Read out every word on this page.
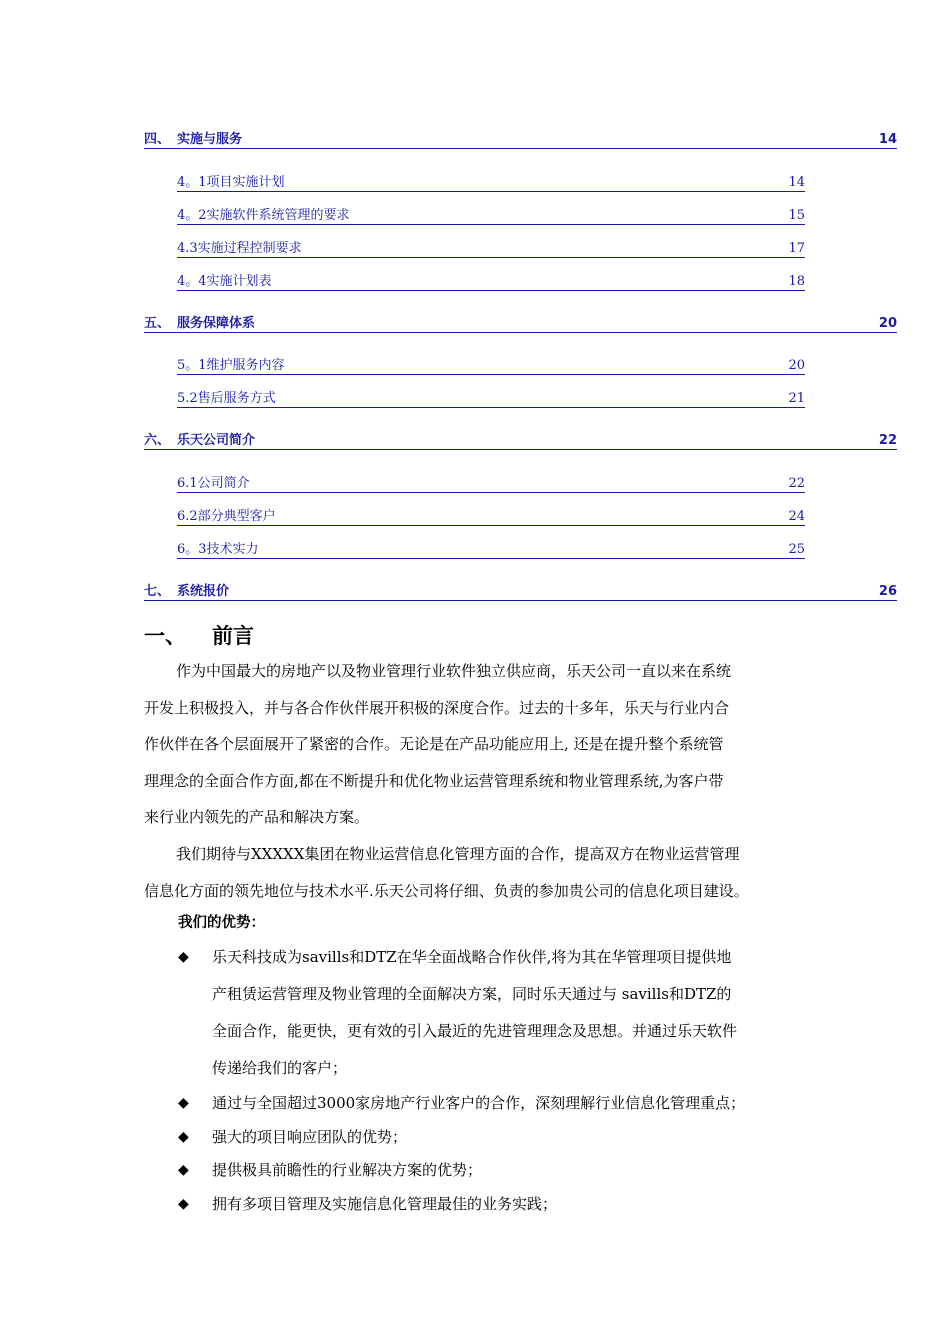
四、 实施与服务	14
4。1项目实施计划	14
4。2实施软件系统管理的要求	15
4.3实施过程控制要求	17
4。4实施计划表	18
五、 服务保障体系	20
5。1维护服务内容	20
5.2售后服务方式	21
六、 乐天公司简介	22
6.1公司简介	22
6.2部分典型客户	24
6。3技术实力	25
七、 系统报价	26
一、 前言
作为中国最大的房地产以及物业管理行业软件独立供应商，乐天公司一直以来在系统
开发上积极投入，并与各合作伙伴展开积极的深度合作。过去的十多年，乐天与行业内合
作伙伴在各个层面展开了紧密的合作。无论是在产品功能应用上, 还是在提升整个系统管
理理念的全面合作方面,都在不断提升和优化物业运营管理系统和物业管理系统,为客户带
来行业内领先的产品和解决方案。
我们期待与XXXXX集团在物业运营信息化管理方面的合作，提高双方在物业运营管理
信息化方面的领先地位与技术水平.乐天公司将仔细、负责的参加贵公司的信息化项目建设。
我们的优势：
◆ 乐天科技成为savills和DTZ在华全面战略合作伙伴,将为其在华管理项目提供地
产租赁运营管理及物业管理的全面解决方案，同时乐天通过与 savills和DTZ的
全面合作，能更快，更有效的引入最近的先进管理理念及思想。并通过乐天软件
传递给我们的客户；
◆ 通过与全国超过3000家房地产行业客户的合作，深刻理解行业信息化管理重点；
◆ 强大的项目响应团队的优势；
◆ 提供极具前瞻性的行业解决方案的优势；
◆ 拥有多项目管理及实施信息化管理最佳的业务实践；
